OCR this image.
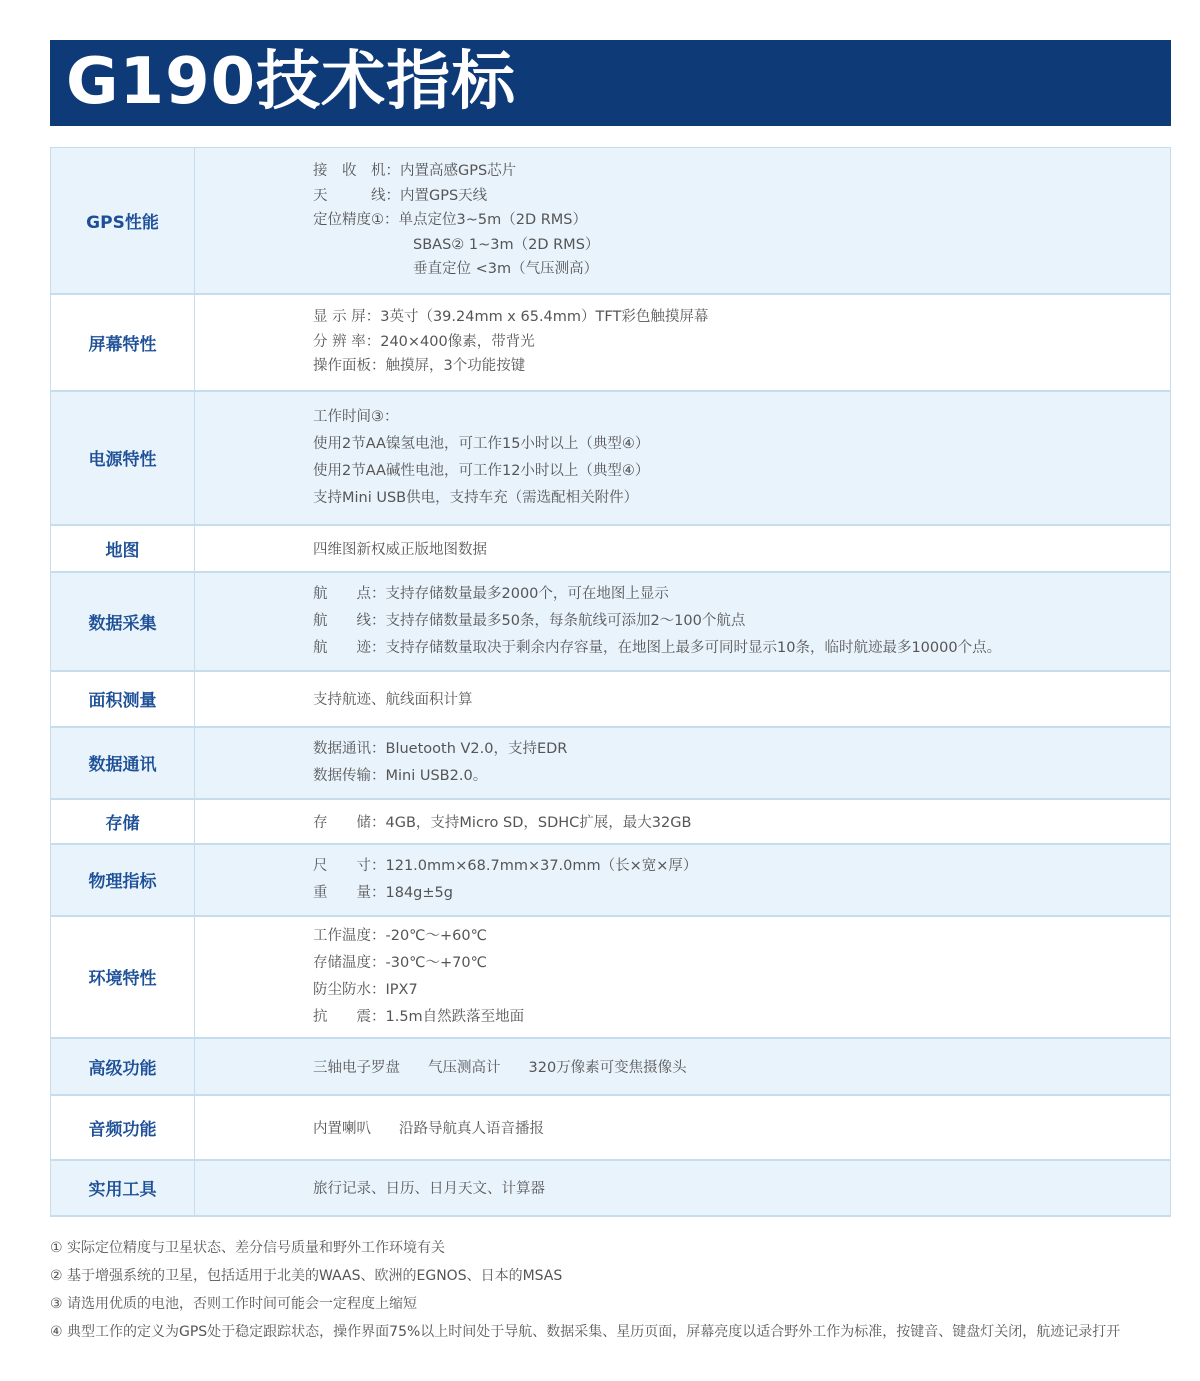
G190技术指标
GPS性能	接　收　机：内置高感GPS芯片
天　　　线：内置GPS天线
定位精度①：单点定位3~5m（2D RMS）
SBAS② 1~3m（2D RMS）
垂直定位 <3m（气压测高）

屏幕特性	显 示 屏：3英寸（39.24mm x 65.4mm）TFT彩色触摸屏幕
分 辨 率：240×400像素，带背光
操作面板：触摸屏，3个功能按键

电源特性	工作时间③：
使用2节AA镍氢电池，可工作15小时以上（典型④）
使用2节AA碱性电池，可工作12小时以上（典型④）
支持Mini USB供电，支持车充（需选配相关附件）

地图	四维图新权威正版地图数据

数据采集	航　　点：支持存储数量最多2000个，可在地图上显示
航　　线：支持存储数量最多50条，每条航线可添加2～100个航点
航　　迹：支持存储数量取决于剩余内存容量，在地图上最多可同时显示10条，临时航迹最多10000个点。

面积测量	支持航迹、航线面积计算

数据通讯	数据通讯：Bluetooth V2.0，支持EDR
数据传输：Mini USB2.0。

存储	存　　储：4GB，支持Micro SD，SDHC扩展，最大32GB

物理指标	尺　　寸：121.0mm×68.7mm×37.0mm（长×宽×厚）
重　　量：184g±5g

环境特性	工作温度：-20℃～+60℃
存储温度：-30℃～+70℃
防尘防水：IPX7
抗　　震：1.5m自然跌落至地面

高级功能	三轴电子罗盘 气压测高计 320万像素可变焦摄像头

音频功能	内置喇叭 沿路导航真人语音播报

实用工具	旅行记录、日历、日月天文、计算器
① 实际定位精度与卫星状态、差分信号质量和野外工作环境有关
② 基于增强系统的卫星，包括适用于北美的WAAS、欧洲的EGNOS、日本的MSAS
③ 请选用优质的电池，否则工作时间可能会一定程度上缩短
④ 典型工作的定义为GPS处于稳定跟踪状态，操作界面75%以上时间处于导航、数据采集、星历页面，屏幕亮度以适合野外工作为标准，按键音、键盘灯关闭，航迹记录打开
